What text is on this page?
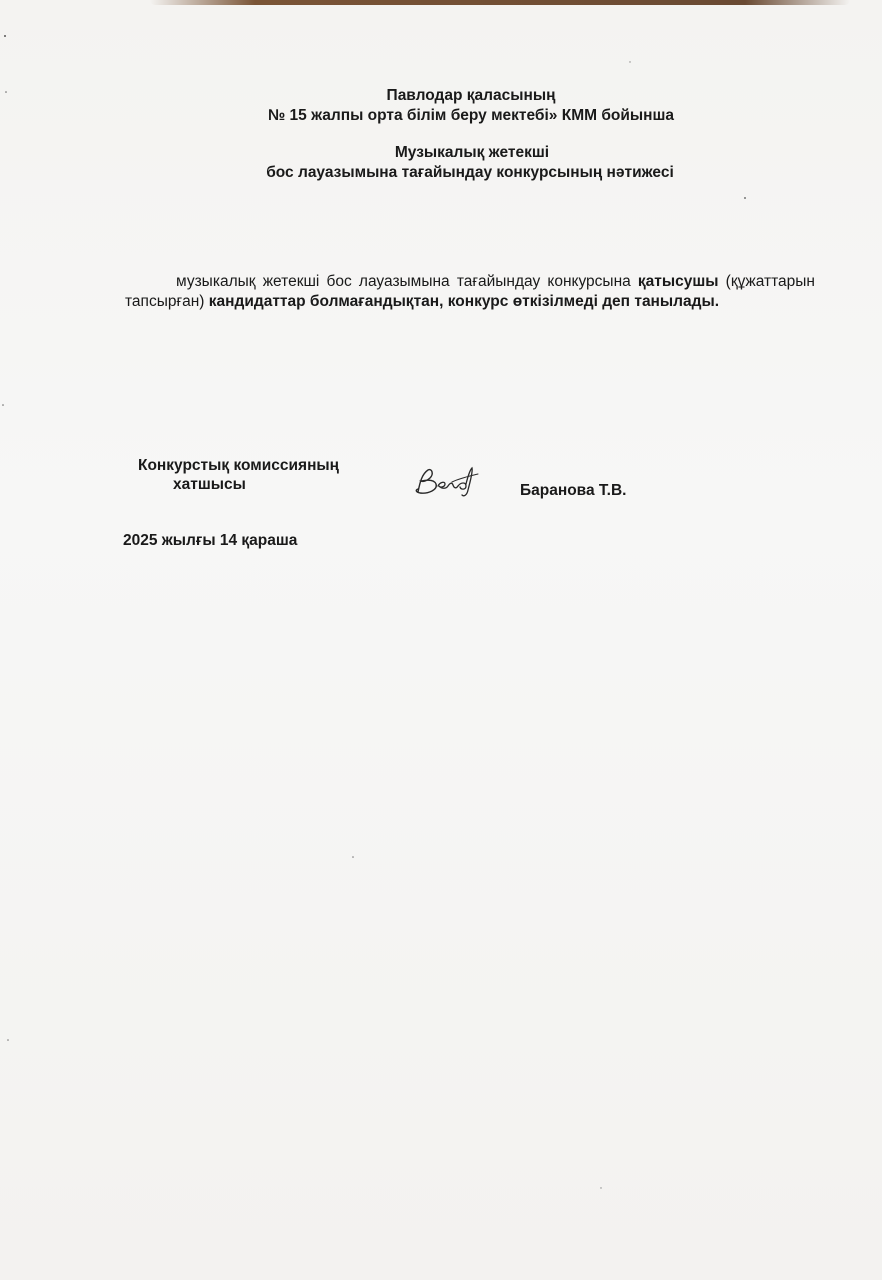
Павлодар қаласының
№ 15 жалпы орта білім беру мектебі» КММ бойынша
Музыкалық жетекші
бос лауазымына тағайындау конкурсының нәтижесі

музыкалық жетекші бос лауазымына тағайындау конкурсына қатысушы (құжаттарын тапсырған) кандидаттар болмағандықтан, конкурс өткізілмеді деп танылады.

Конкурстық комиссияның
хатшысы	Баранова Т.В.
2025 жылғы 14 қараша
